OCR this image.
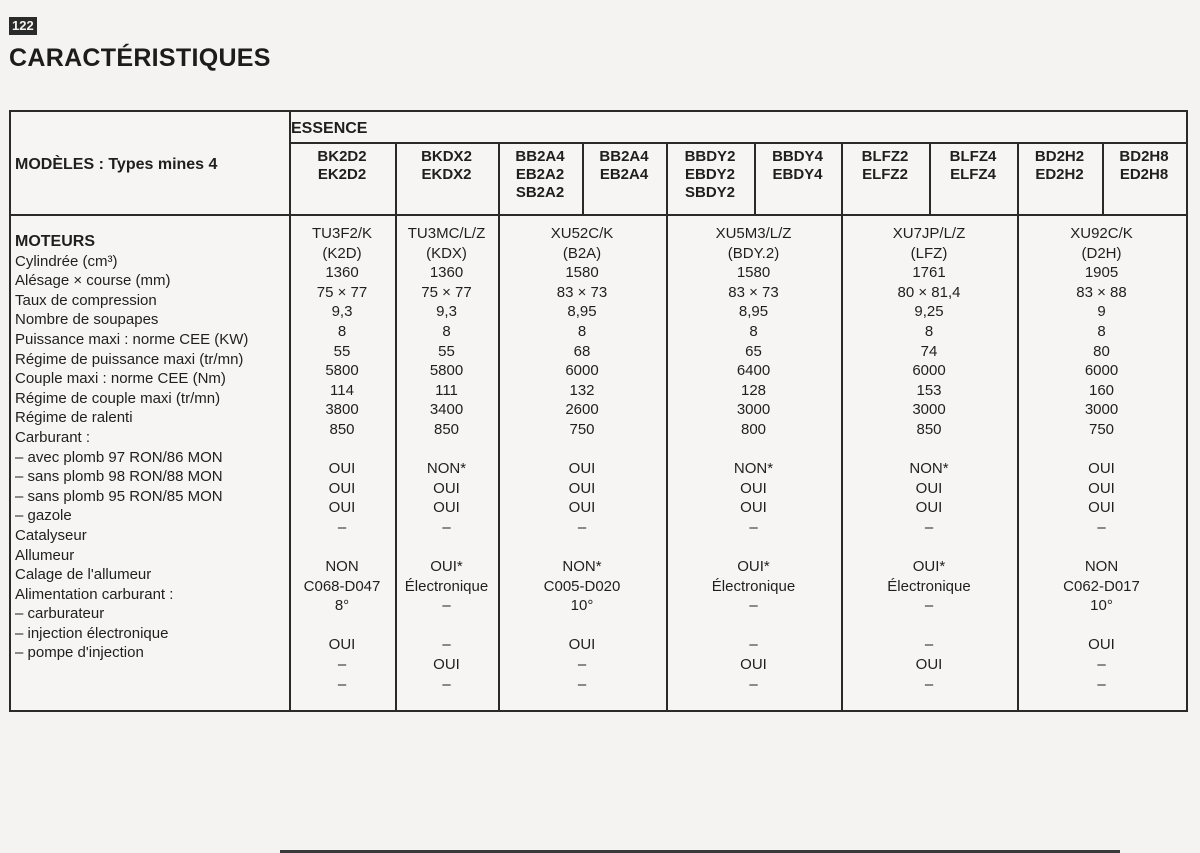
122
CARACTÉRISTIQUES
ESSENCE
MODÈLES : Types mines 4	BK2D2
EK2D2
BKDX2
EKDX2
BB2A4
EB2A2
SB2A2
BB2A4
EB2A4
BBDY2
EBDY2
SBDY2
BBDY4
EBDY4
BLFZ2
ELFZ2
BLFZ4
ELFZ4
BD2H2
ED2H2
BD2H8
ED2H8
MOTEURS
Cylindrée (cm³)
Alésage × course (mm)
Taux de compression
Nombre de soupapes
Puissance maxi : norme CEE (KW)
Régime de puissance maxi (tr/mn)
Couple maxi : norme CEE (Nm)
Régime de couple maxi (tr/mn)
Régime de ralenti
Carburant :
– avec plomb 97 RON/86 MON
– sans plomb 98 RON/88 MON
– sans plomb 95 RON/85 MON
– gazole
Catalyseur
Allumeur
Calage de l'allumeur
Alimentation carburant :
– carburateur
– injection électronique
– pompe d'injection
TU3F2/K
(K2D)
1360
75 × 77
9,3
8
55
5800
114
3800
850
OUI
OUI
OUI
–
NON
C068-D047
8°
OUI
–
–
TU3MC/L/Z
(KDX)
1360
75 × 77
9,3
8
55
5800
111
3400
850
NON*
OUI
OUI
–
OUI*
Électronique
–
–
OUI
–
XU52C/K
(B2A)
1580
83 × 73
8,95
8
68
6000
132
2600
750
OUI
OUI
OUI
–
NON*
C005-D020
10°
OUI
–
–
XU5M3/L/Z
(BDY.2)
1580
83 × 73
8,95
8
65
6400
128
3000
800
NON*
OUI
OUI
–
OUI*
Électronique
–
–
OUI
–
XU7JP/L/Z
(LFZ)
1761
80 × 81,4
9,25
8
74
6000
153
3000
850
NON*
OUI
OUI
–
OUI*
Électronique
–
–
OUI
–
XU92C/K
(D2H)
1905
83 × 88
9
8
80
6000
160
3000
750
OUI
OUI
OUI
–
NON
C062-D017
10°
OUI
–
–
